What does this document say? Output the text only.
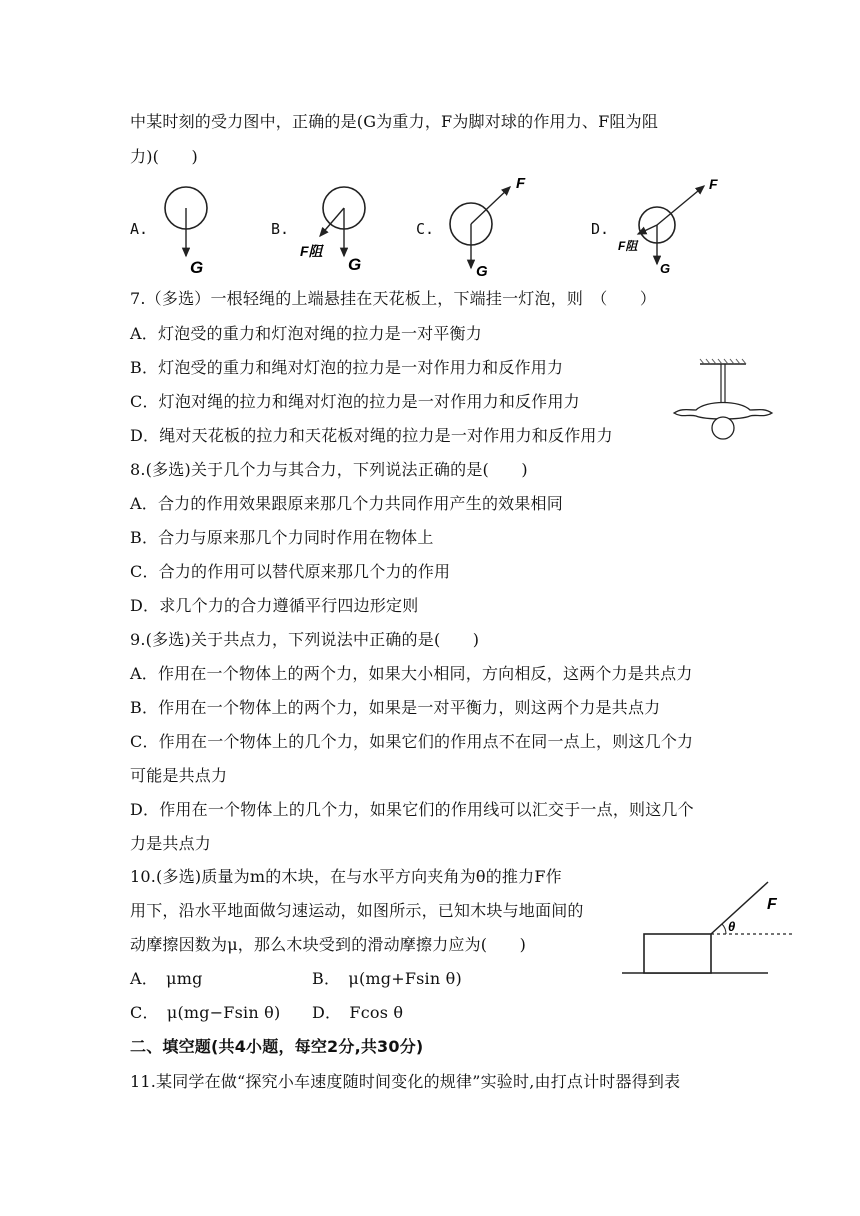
中某时刻的受力图中，正确的是(G为重力，F为脚对球的作用力、F阻为阻
力)(　　)
A.	B.	C.	D.
G	G
F阻
F
G
F
G
F阻
7.（多选）一根轻绳的上端悬挂在天花板上，下端挂一灯泡，则　（　　）
A．灯泡受的重力和灯泡对绳的拉力是一对平衡力
B．灯泡受的重力和绳对灯泡的拉力是一对作用力和反作用力
C．灯泡对绳的拉力和绳对灯泡的拉力是一对作用力和反作用力
D．绳对天花板的拉力和天花板对绳的拉力是一对作用力和反作用力
8.(多选)关于几个力与其合力，下列说法正确的是(　　)
A．合力的作用效果跟原来那几个力共同作用产生的效果相同
B．合力与原来那几个力同时作用在物体上
C．合力的作用可以替代原来那几个力的作用
D．求几个力的合力遵循平行四边形定则
9.(多选)关于共点力，下列说法中正确的是(　　)
A．作用在一个物体上的两个力，如果大小相同，方向相反，这两个力是共点力
B．作用在一个物体上的两个力，如果是一对平衡力，则这两个力是共点力
C．作用在一个物体上的几个力，如果它们的作用点不在同一点上，则这几个力
可能是共点力
D．作用在一个物体上的几个力，如果它们的作用线可以汇交于一点，则这几个
力是共点力
10.(多选)质量为m的木块，在与水平方向夹角为θ的推力F作
用下，沿水平地面做匀速运动，如图所示，已知木块与地面间的
动摩擦因数为μ，那么木块受到的滑动摩擦力应为(　　)
A．　μmg	B．　μ(mg+Fsin θ)
C．　μ(mg−Fsin θ) D．　Fcos θ
θ
F
二、填空题(共4小题，每空2分,共30分)
11.某同学在做“探究小车速度随时间变化的规律”实验时,由打点计时器得到表
